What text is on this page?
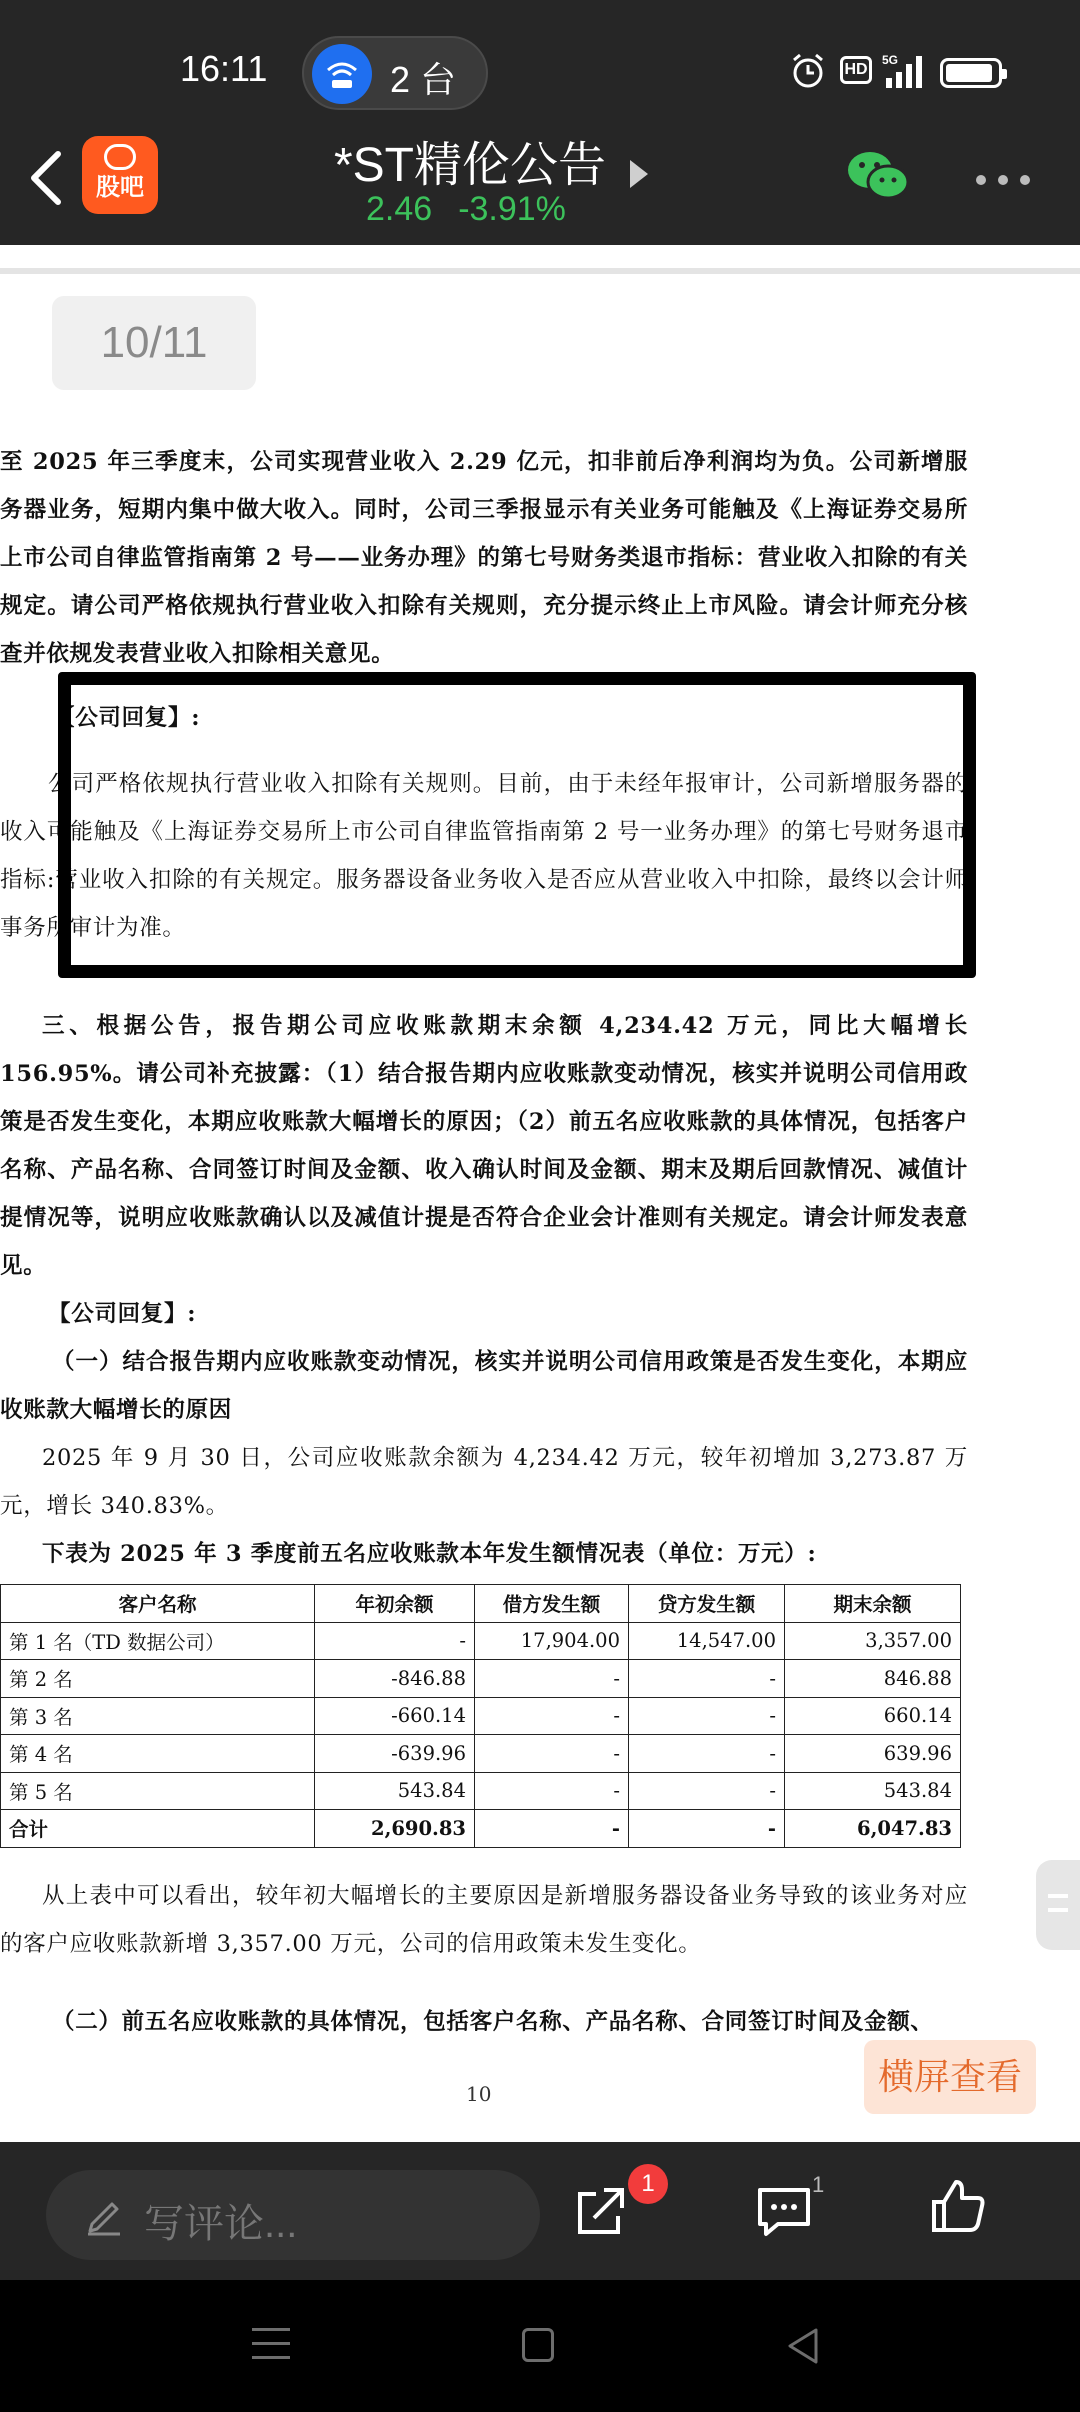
16:11	2 台	HD
5G
股吧	*ST精伦公告
2.46 -3.91%
10/11
至 2025 年三季度末，公司实现营业收入 2.29 亿元，扣非前后净利润均为负。公司新增服务器业务，短期内集中做大收入。同时，公司三季报显示有关业务可能触及《上海证券交易所上市公司自律监管指南第 2 号——业务办理》的第七号财务类退市指标：营业收入扣除的有关规定。请公司严格依规执行营业收入扣除有关规则，充分提示终止上市风险。请会计师充分核查并依规发表营业收入扣除相关意见。
【公司回复】:
公司严格依规执行营业收入扣除有关规则。目前，由于未经年报审计，公司新增服务器的收入可能触及《上海证券交易所上市公司自律监管指南第 2 号一业务办理》的第七号财务退市指标:营业收入扣除的有关规定。服务器设备业务收入是否应从营业收入中扣除，最终以会计师事务所审计为准。
三、根据公告，报告期公司应收账款期末余额 4,234.42 万元，同比大幅增长 156.95%。请公司补充披露：（1）结合报告期内应收账款变动情况，核实并说明公司信用政策是否发生变化，本期应收账款大幅增长的原因；（2）前五名应收账款的具体情况，包括客户名称、产品名称、合同签订时间及金额、收入确认时间及金额、期末及期后回款情况、减值计提情况等，说明应收账款确认以及减值计提是否符合企业会计准则有关规定。请会计师发表意见。
【公司回复】:
（一）结合报告期内应收账款变动情况，核实并说明公司信用政策是否发生变化，本期应收账款大幅增长的原因
2025 年 9 月 30 日，公司应收账款余额为 4,234.42 万元，较年初增加 3,273.87 万元，增长 340.83%。
下表为 2025 年 3 季度前五名应收账款本年发生额情况表（单位：万元）:
客户名称	年初余额	借方发生额	贷方发生额	期末余额
第 1 名（TD 数据公司）	-	17,904.00	14,547.00	3,357.00
第 2 名	-846.88	-	-	846.88
第 3 名	-660.14	-	-	660.14
第 4 名	-639.96	-	-	639.96
第 5 名	543.84	-	-	543.84
合计	2,690.83	-	-	6,047.83
从上表中可以看出，较年初大幅增长的主要原因是新增服务器设备业务导致的该业务对应的客户应收账款新增 3,357.00 万元，公司的信用政策未发生变化。
（二）前五名应收账款的具体情况，包括客户名称、产品名称、合同签订时间及金额、
10	横屏查看
写评论...
1	1
